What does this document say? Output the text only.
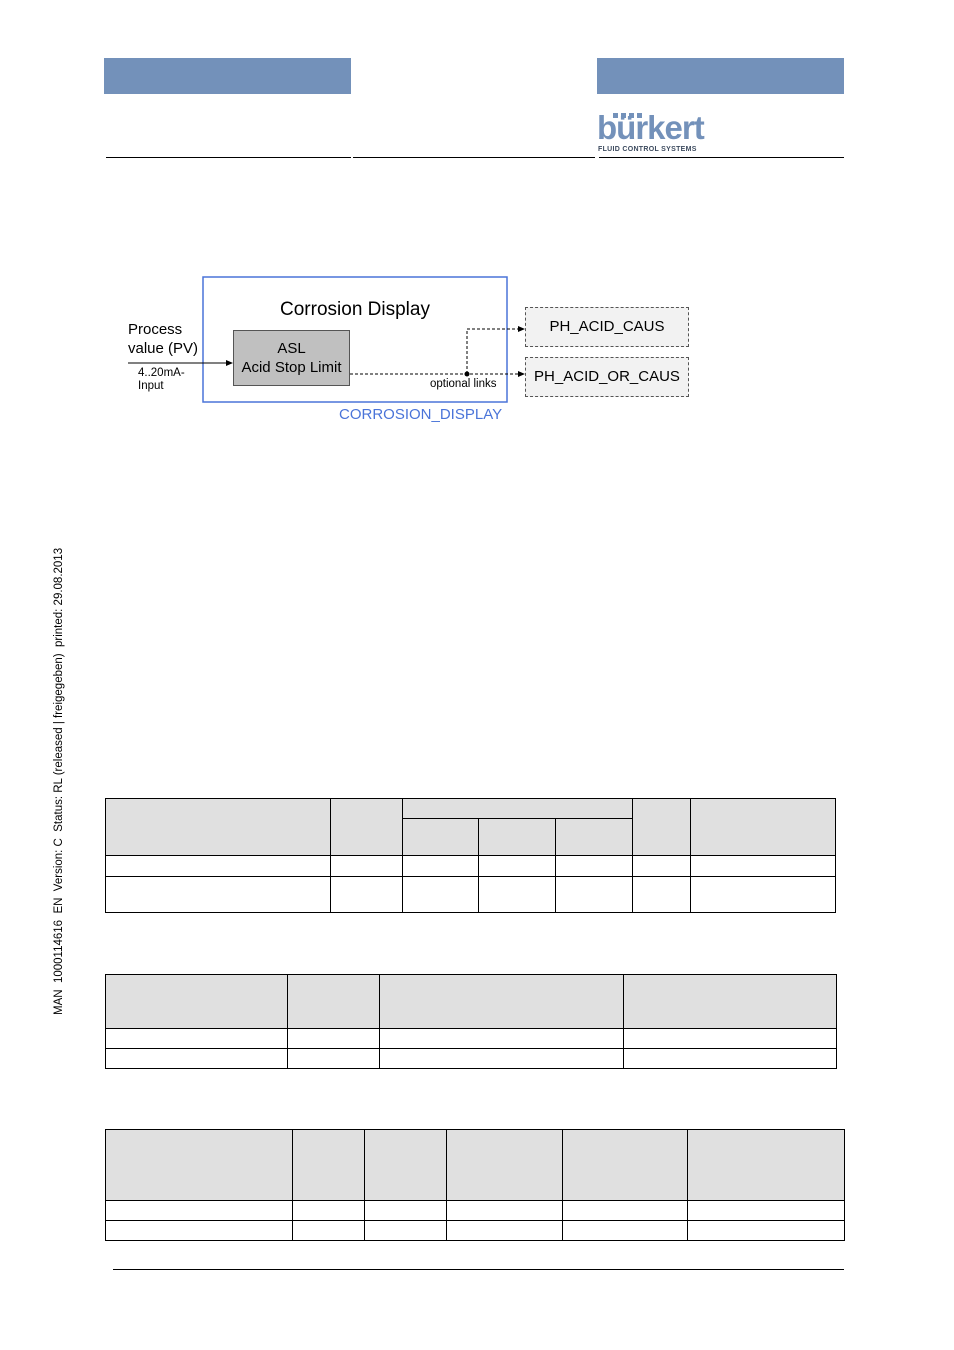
bürkert
FLUID CONTROL SYSTEMS
Corrosion Display
Process
value (PV)
4..20mA-
Input
ASL
Acid Stop Limit
optional links
CORROSION_DISPLAY
PH_ACID_CAUS
PH_ACID_OR_CAUS
MAN  1000114616  EN  Version: C  Status: RL (released | freigegeben)  printed: 29.08.2013
